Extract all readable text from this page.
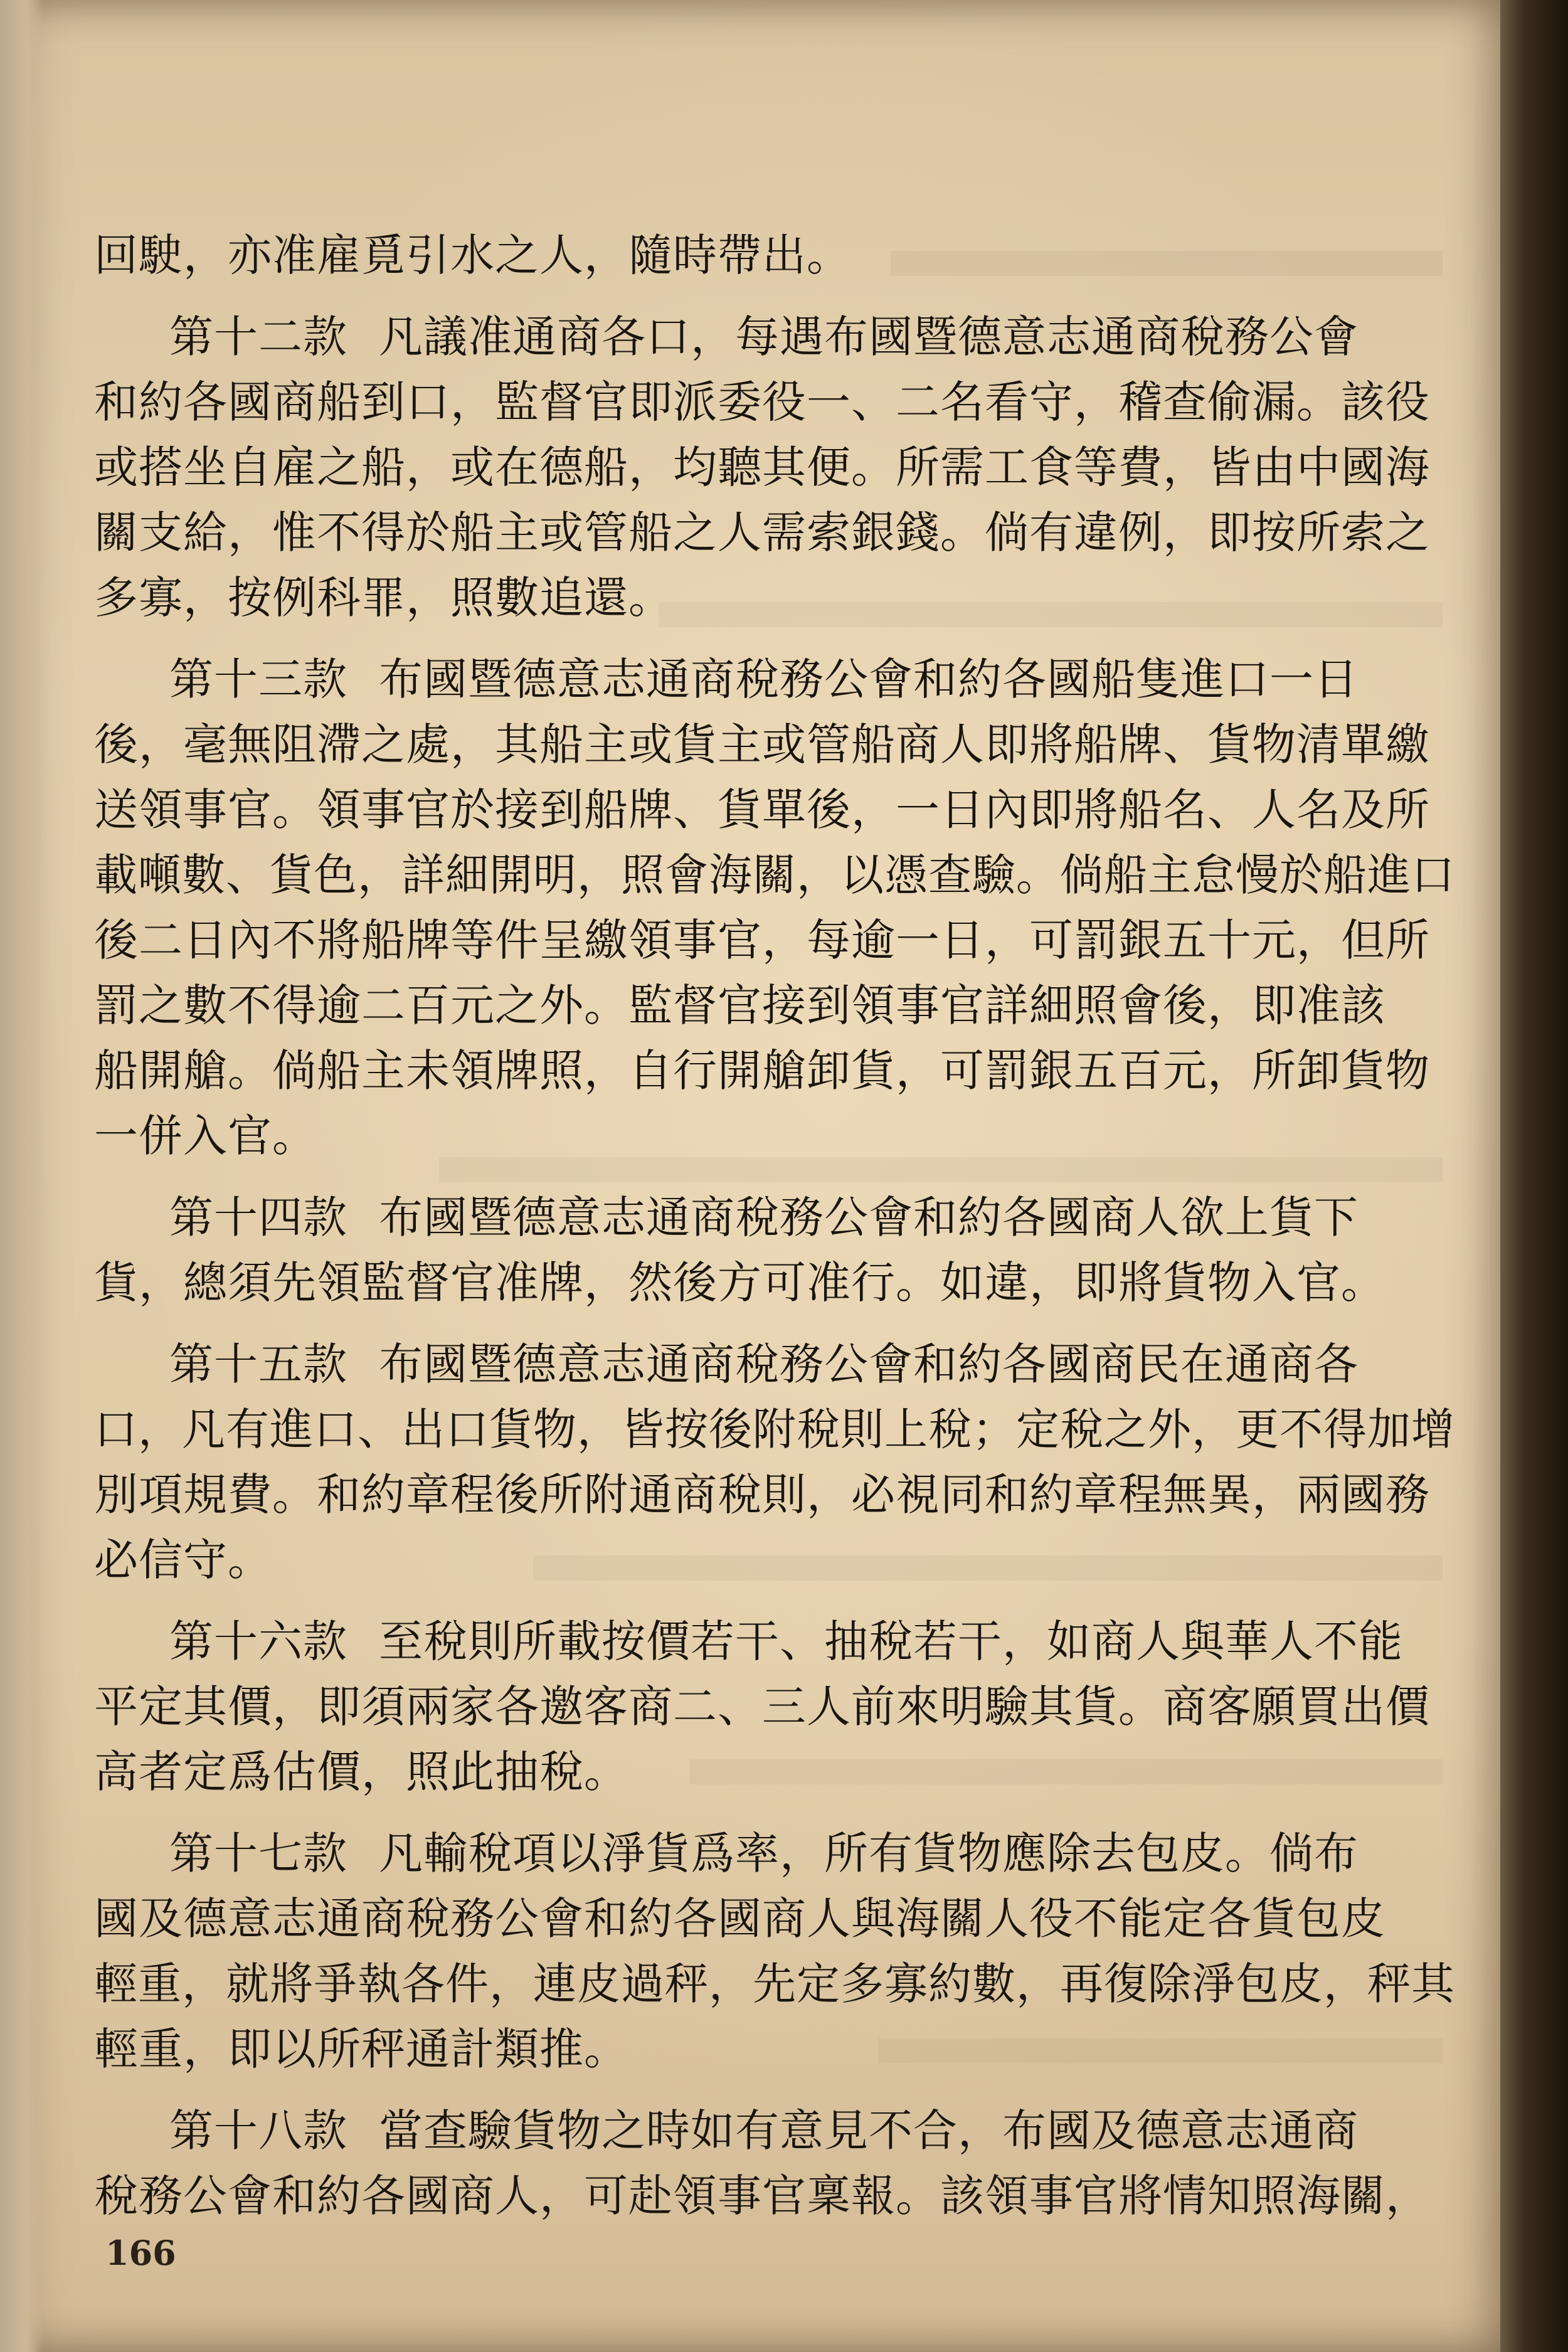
回駛，亦准雇覓引水之人，隨時帶出。
第十二款 凡議准通商各口，每遇布國暨德意志通商稅務公會
和約各國商船到口，監督官即派委役一、二名看守，稽查偷漏。該役
或搭坐自雇之船，或在德船，均聽其便。所需工食等費，皆由中國海
關支給，惟不得於船主或管船之人需索銀錢。倘有違例，即按所索之
多寡，按例科罪，照數追還。
第十三款 布國暨德意志通商稅務公會和約各國船隻進口一日
後，毫無阻滯之處，其船主或貨主或管船商人即將船牌、貨物清單繳
送領事官。領事官於接到船牌、貨單後，一日內即將船名、人名及所
載噸數、貨色，詳細開明，照會海關，以憑查驗。倘船主怠慢於船進口
後二日內不將船牌等件呈繳領事官，每逾一日，可罰銀五十元，但所
罰之數不得逾二百元之外。監督官接到領事官詳細照會後，即准該
船開艙。倘船主未領牌照，自行開艙卸貨，可罰銀五百元，所卸貨物
一併入官。
第十四款 布國暨德意志通商稅務公會和約各國商人欲上貨下
貨，總須先領監督官准牌，然後方可准行。如違，即將貨物入官。
第十五款 布國暨德意志通商稅務公會和約各國商民在通商各
口，凡有進口、出口貨物，皆按後附稅則上稅；定稅之外，更不得加增
別項規費。和約章程後所附通商稅則，必視同和約章程無異，兩國務
必信守。
第十六款 至稅則所載按價若干、抽稅若干，如商人與華人不能
平定其價，即須兩家各邀客商二、三人前來明驗其貨。商客願買出價
高者定爲估價，照此抽稅。
第十七款 凡輸稅項以淨貨爲率，所有貨物應除去包皮。倘布
國及德意志通商稅務公會和約各國商人與海關人役不能定各貨包皮
輕重，就將爭執各件，連皮過秤，先定多寡約數，再復除淨包皮，秤其
輕重，即以所秤通計類推。
第十八款 當查驗貨物之時如有意見不合，布國及德意志通商
稅務公會和約各國商人，可赴領事官稟報。該領事官將情知照海關，
166
